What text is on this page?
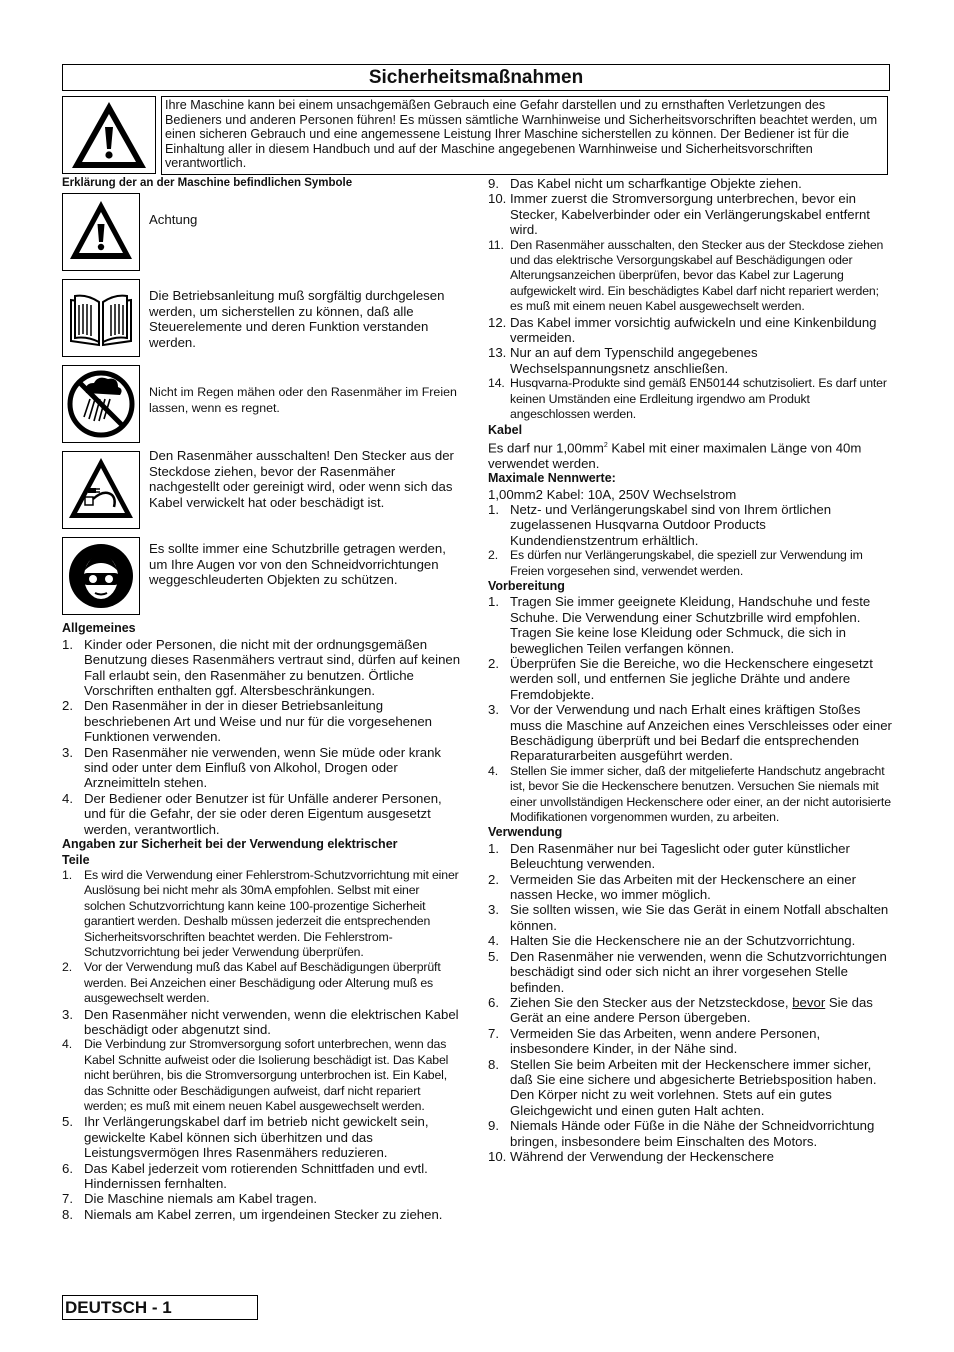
Sicherheitsmaßnahmen
Ihre Maschine kann bei einem unsachgemäßen Gebrauch eine Gefahr darstellen und zu ernsthaften Verletzungen des Bedieners und anderen Personen führen! Es müssen sämtliche Warnhinweise und Sicherheitsvorschriften beachtet werden, um einen sicheren Gebrauch und eine angemessene Leistung Ihrer Maschine sicherstellen zu können. Der Bediener ist für die Einhaltung aller in diesem Handbuch und auf der Maschine angegebenen Warnhinweise und Sicherheitsvorschriften verantwortlich.
Erklärung der an der Maschine befindlichen Symbole
Achtung
Die Betriebsanleitung muß sorgfältig durchgelesen werden, um sicherstellen zu können, daß alle Steuerelemente und deren Funktion verstanden werden.
Nicht im Regen mähen oder den Rasenmäher im Freien lassen, wenn es regnet.
Den Rasenmäher ausschalten! Den Stecker aus der Steckdose ziehen, bevor der Rasenmäher nachgestellt oder gereinigt wird, oder wenn sich das Kabel verwickelt hat oder beschädigt ist.
Es sollte immer eine Schutzbrille getragen werden, um Ihre Augen vor von den Schneidvorrichtungen weggeschleuderten Objekten zu schützen.
Allgemeines
1. Kinder oder Personen, die nicht mit der ordnungsgemäßen Benutzung dieses Rasenmähers vertraut sind, dürfen auf keinen Fall erlaubt sein, den Rasenmäher zu benutzen. Örtliche Vorschriften enthalten ggf. Altersbeschränkungen.
2. Den Rasenmäher in der in dieser Betriebsanleitung beschriebenen Art und Weise und nur für die vorgesehenen Funktionen verwenden.
3. Den Rasenmäher nie verwenden, wenn Sie müde oder krank sind oder unter dem Einfluß von Alkohol, Drogen oder Arzneimitteln stehen.
4. Der Bediener oder Benutzer ist für Unfälle anderer Personen, und für die Gefahr, der sie oder deren Eigentum ausgesetzt werden, verantwortlich.
Angaben zur Sicherheit bei der Verwendung elektrischer Teile
1. Es wird die Verwendung einer Fehlerstrom-Schutzvorrichtung mit einer Auslösung bei nicht mehr als 30mA empfohlen. Selbst mit einer solchen Schutzvorrichtung kann keine 100-prozentige Sicherheit garantiert werden. Deshalb müssen jederzeit die entsprechenden Sicherheitsvorschriften beachtet werden. Die Fehlerstrom-Schutzvorrichtung bei jeder Verwendung überprüfen.
2. Vor der Verwendung muß das Kabel auf Beschädigungen überprüft werden. Bei Anzeichen einer Beschädigung oder Alterung muß es ausgewechselt werden.
3. Den Rasenmäher nicht verwenden, wenn die elektrischen Kabel beschädigt oder abgenutzt sind.
4. Die Verbindung zur Stromversorgung sofort unterbrechen, wenn das Kabel Schnitte aufweist oder die Isolierung beschädigt ist. Das Kabel nicht berühren, bis die Stromversorgung unterbrochen ist. Ein Kabel, das Schnitte oder Beschädigungen aufweist, darf nicht repariert werden; es muß mit einem neuen Kabel ausgewechselt werden.
5. Ihr Verlängerungskabel darf im betrieb nicht gewickelt sein, gewickelte Kabel können sich überhitzen und das Leistungsvermögen Ihres Rasenmähers reduzieren.
6. Das Kabel jederzeit vom rotierenden Schnittfaden und evtl. Hindernissen fernhalten.
7. Die Maschine niemals am Kabel tragen.
8. Niemals am Kabel zerren, um irgendeinen Stecker zu ziehen.
9. Das Kabel nicht um scharfkantige Objekte ziehen.
10. Immer zuerst die Stromversorgung unterbrechen, bevor ein Stecker, Kabelverbinder oder ein Verlängerungskabel entfernt wird.
11. Den Rasenmäher ausschalten, den Stecker aus der Steckdose ziehen und das elektrische Versorgungskabel auf Beschädigungen oder Alterungsanzeichen überprüfen, bevor das Kabel zur Lagerung aufgewickelt wird. Ein beschädigtes Kabel darf nicht repariert werden; es muß mit einem neuen Kabel ausgewechselt werden.
12. Das Kabel immer vorsichtig aufwickeln und eine Kinkenbildung vermeiden.
13. Nur an auf dem Typenschild angegebenes Wechselspannungsnetz anschließen.
14. Husqvarna-Produkte sind gemäß EN50144 schutzisoliert. Es darf unter keinen Umständen eine Erdleitung irgendwo am Produkt angeschlossen werden.
Kabel

Es darf nur $1,00mm^2$ Kabel mit einer maximalen Länge von 40m verwendet werden.

Maximale Nennwerte:

1,00mm2 Kabel: 10A, 250V Wechselstrom

1. Netz- und Verlängerungskabel sind von Ihrem örtlichen zugelassenen Husqvarna Outdoor Products Kundendienstzentrum erhältlich.
2. Es dürfen nur Verlängerungskabel, die speziell zur Verwendung im Freien vorgesehen sind, verwendet werden.
Vorbereitung
1. Tragen Sie immer geeignete Kleidung, Handschuhe und feste Schuhe. Die Verwendung einer Schutzbrille wird empfohlen. Tragen Sie keine lose Kleidung oder Schmuck, die sich in beweglichen Teilen verfangen können.
2. Überprüfen Sie die Bereiche, wo die Heckenschere eingesetzt werden soll, und entfernen Sie jegliche Drähte und andere Fremdobjekte.
3. Vor der Verwendung und nach Erhalt eines kräftigen Stoßes muss die Maschine auf Anzeichen eines Verschleisses oder einer Beschädigung überprüft und bei Bedarf die entsprechenden Reparaturarbeiten ausgeführt werden.
4. Stellen Sie immer sicher, daß der mitgelieferte Handschutz angebracht ist, bevor Sie die Heckenschere benutzen. Versuchen Sie niemals mit einer unvollständigen Heckenschere oder einer, an der nicht autorisierte Modifikationen vorgenommen wurden, zu arbeiten.
Verwendung
1. Den Rasenmäher nur bei Tageslicht oder guter künstlicher Beleuchtung verwenden.
2. Vermeiden Sie das Arbeiten mit der Heckenschere an einer nassen Hecke, wo immer möglich.
3. Sie sollten wissen, wie Sie das Gerät in einem Notfall abschalten können.
4. Halten Sie die Heckenschere nie an der Schutzvorrichtung.
5. Den Rasenmäher nie verwenden, wenn die Schutzvorrichtungen beschädigt sind oder sich nicht an ihrer vorgesehen Stelle befinden.
6. Ziehen Sie den Stecker aus der Netzsteckdose, bevor Sie das Gerät an eine andere Person übergeben.
7. Vermeiden Sie das Arbeiten, wenn andere Personen, insbesondere Kinder, in der Nähe sind.
8. Stellen Sie beim Arbeiten mit der Heckenschere immer sicher, daß Sie eine sichere und abgesicherte Betriebsposition haben. Den Körper nicht zu weit vorlehnen. Stets auf ein gutes Gleichgewicht und einen guten Halt achten.
9. Niemals Hände oder Füße in die Nähe der Schneidvorrichtung bringen, insbesondere beim Einschalten des Motors.
10. Während der Verwendung der Heckenschere
DEUTSCH - 1
